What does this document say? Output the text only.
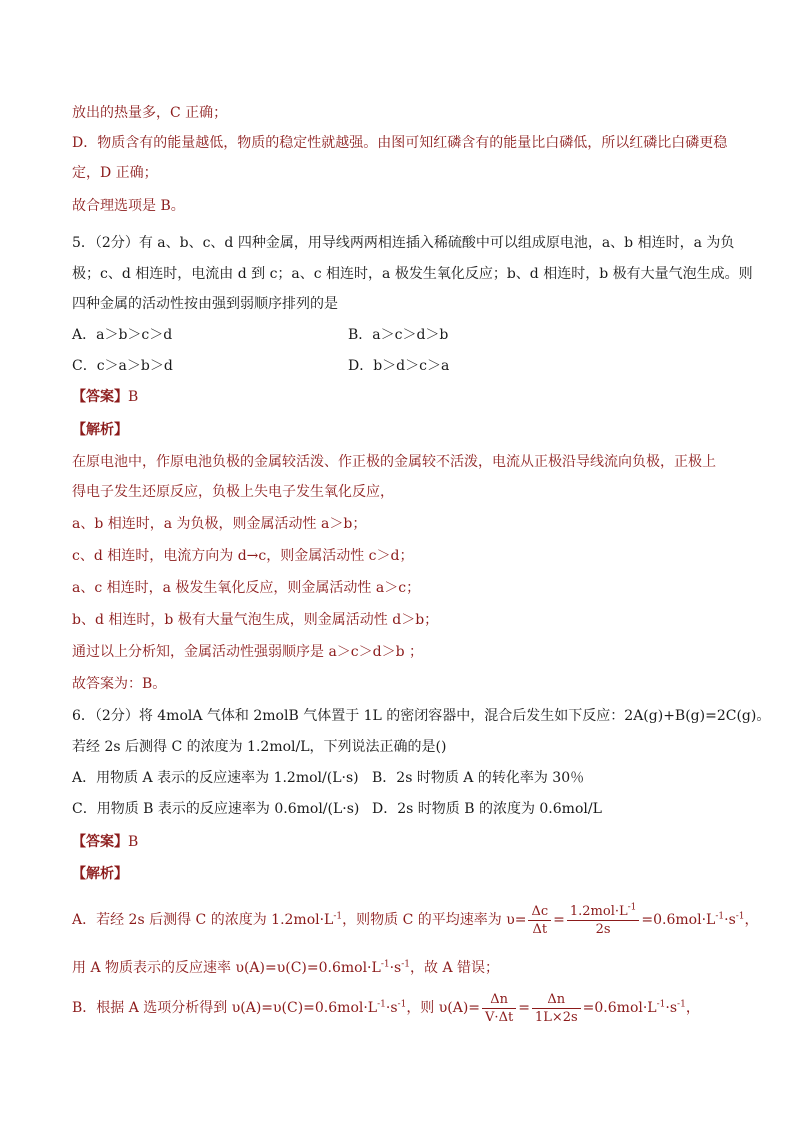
放出的热量多，C 正确；
D．物质含有的能量越低，物质的稳定性就越强。由图可知红磷含有的能量比白磷低，所以红磷比白磷更稳
定，D 正确；
故合理选项是 B。
5．（2分）有 a、b、c、d 四种金属，用导线两两相连插入稀硫酸中可以组成原电池，a、b 相连时，a 为负
极；c、d 相连时，电流由 d 到 c；a、c 相连时，a 极发生氧化反应；b、d 相连时，b 极有大量气泡生成。则
四种金属的活动性按由强到弱顺序排列的是
A．a＞b＞c＞d	B．a＞c＞d＞b
C．c＞a＞b＞d	D．b＞d＞c＞a
【答案】B
【解析】
在原电池中，作原电池负极的金属较活泼、作正极的金属较不活泼，电流从正极沿导线流向负极，正极上
得电子发生还原反应，负极上失电子发生氧化反应，
a、b 相连时，a 为负极，则金属活动性 a＞b；
c、d 相连时，电流方向为 d→c，则金属活动性 c＞d；
a、c 相连时，a 极发生氧化反应，则金属活动性 a＞c；
b、d 相连时，b 极有大量气泡生成，则金属活动性 d＞b；
通过以上分析知，金属活动性强弱顺序是 a＞c＞d＞b ；
故答案为：B。
6．（2分）将 4molA 气体和 2molB 气体置于 1L 的密闭容器中，混合后发生如下反应：2A(g)+B(g)=2C(g)。
若经 2s 后测得 C 的浓度为 1.2mol/L，下列说法正确的是()
A．用物质 A 表示的反应速率为 1.2mol/(L·s) B．2s 时物质 A 的转化率为 30％
C．用物质 B 表示的反应速率为 0.6mol/(L·s) D．2s 时物质 B 的浓度为 0.6mol/L
【答案】B
【解析】
A．若经 2s 后测得 C 的浓度为 $1.2mol\cdot L^{-1}$，则物质 C 的平均速率为 $\upsilon= \frac{\Delta c}{\Delta t} = \frac{1.2mol\cdot L^{-1}}{2s} =0.6mol\cdot L^{-1}\cdot s^{-1}$，
用 A 物质表示的反应速率 $\upsilon(A)=\upsilon(C)=0.6mol\cdot L^{-1}\cdot s^{-1}$，故 A 错误；
B．根据 A 选项分析得到 $\upsilon(A)=\upsilon(C)=0.6mol\cdot L^{-1}\cdot s^{-1}$，则 $\upsilon(A)= \frac{\Delta n}{V\cdot\Delta t} = \frac{\Delta n}{1L\times 2s} =0.6mol\cdot L^{-1}\cdot s^{-1}$，
